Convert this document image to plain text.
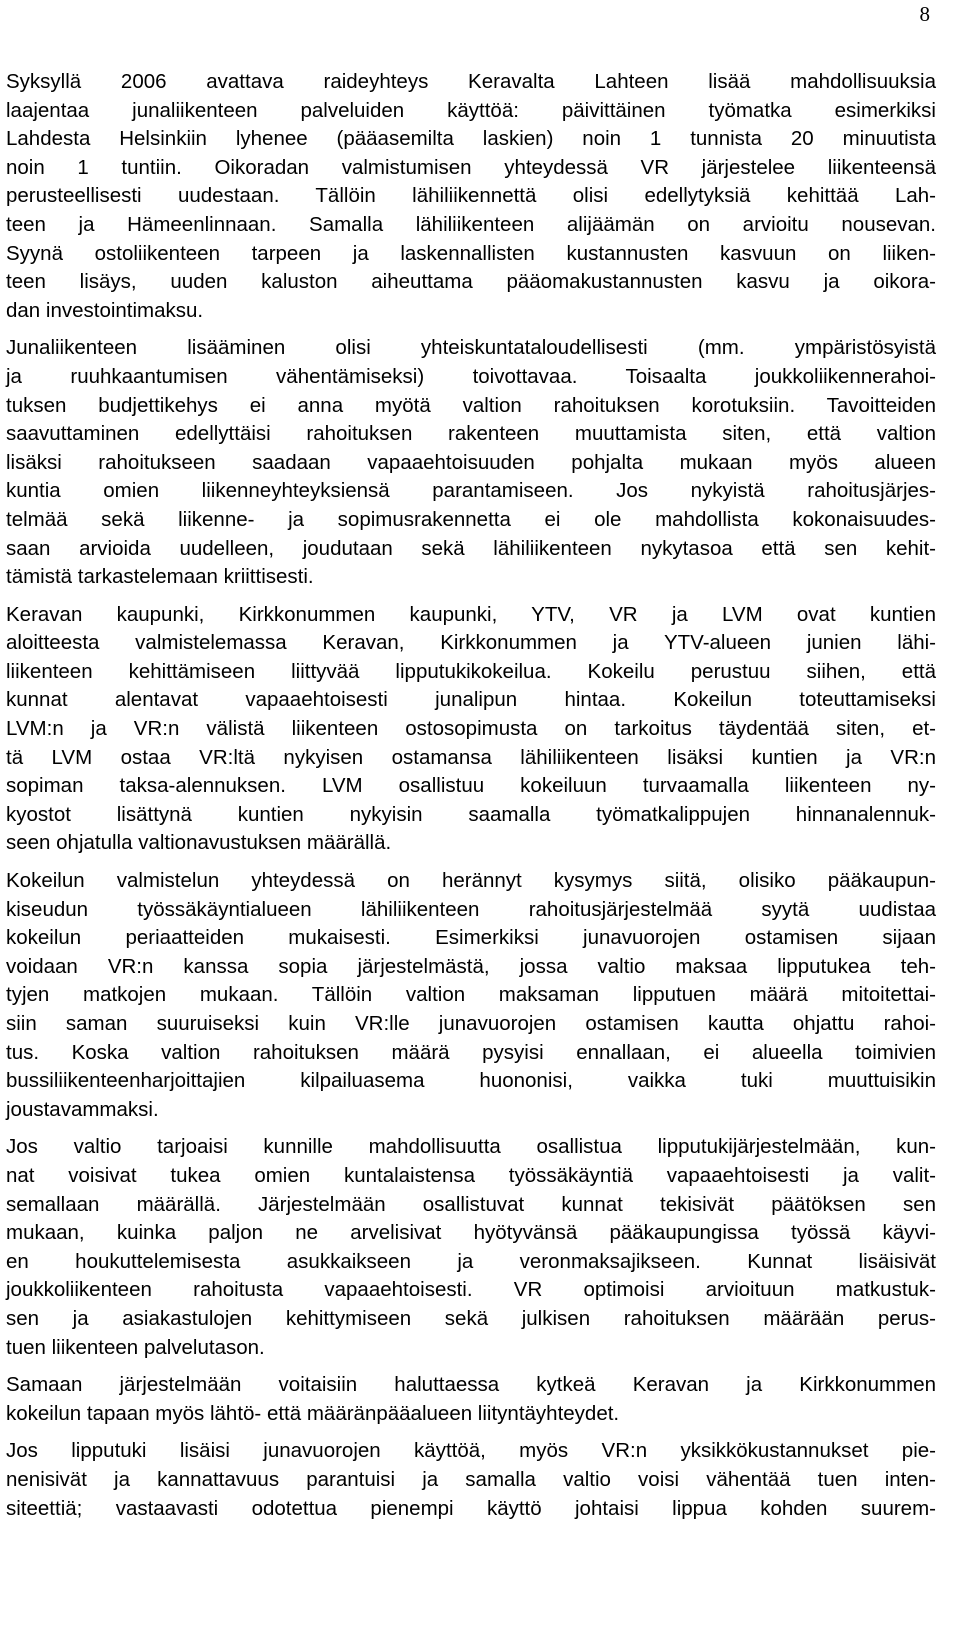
8
Syksyllä 2006 avattava raideyhteys Keravalta Lahteen lisää mahdollisuuksia
laajentaa junaliikenteen palveluiden käyttöä: päivittäinen työmatka esimerkiksi
Lahdesta Helsinkiin lyhenee (pääasemilta laskien) noin 1 tunnista 20 minuutista
noin 1 tuntiin. Oikoradan valmistumisen yhteydessä VR järjestelee liikenteensä
perusteellisesti uudestaan. Tällöin lähiliikennettä olisi edellytyksiä kehittää Lah-
teen ja Hämeenlinnaan. Samalla lähiliikenteen alijäämän on arvioitu nousevan.
Syynä ostoliikenteen tarpeen ja laskennallisten kustannusten kasvuun on liiken-
teen lisäys, uuden kaluston aiheuttama pääomakustannusten kasvu ja oikora-
dan investointimaksu.
Junaliikenteen lisääminen olisi yhteiskuntataloudellisesti (mm. ympäristösyistä
ja ruuhkaantumisen vähentämiseksi) toivottavaa. Toisaalta joukkoliikennerahoi-
tuksen budjettikehys ei anna myötä valtion rahoituksen korotuksiin. Tavoitteiden
saavuttaminen edellyttäisi rahoituksen rakenteen muuttamista siten, että valtion
lisäksi rahoitukseen saadaan vapaaehtoisuuden pohjalta mukaan myös alueen
kuntia omien liikenneyhteyksiensä parantamiseen. Jos nykyistä rahoitusjärjes-
telmää sekä liikenne- ja sopimusrakennetta ei ole mahdollista kokonaisuudes-
saan arvioida uudelleen, joudutaan sekä lähiliikenteen nykytasoa että sen kehit-
tämistä tarkastelemaan kriittisesti.
Keravan kaupunki, Kirkkonummen kaupunki, YTV, VR ja LVM ovat kuntien
aloitteesta valmistelemassa Keravan, Kirkkonummen ja YTV-alueen junien lähi-
liikenteen kehittämiseen liittyvää lipputukikokeilua. Kokeilu perustuu siihen, että
kunnat alentavat vapaaehtoisesti junalipun hintaa. Kokeilun toteuttamiseksi
LVM:n ja VR:n välistä liikenteen ostosopimusta on tarkoitus täydentää siten, et-
tä LVM ostaa VR:ltä nykyisen ostamansa lähiliikenteen lisäksi kuntien ja VR:n
sopiman taksa-alennuksen. LVM osallistuu kokeiluun turvaamalla liikenteen ny-
kyostot lisättynä kuntien nykyisin saamalla työmatkalippujen hinnanalennuk-
seen ohjatulla valtionavustuksen määrällä.
Kokeilun valmistelun yhteydessä on herännyt kysymys siitä, olisiko pääkaupun-
kiseudun työssäkäyntialueen lähiliikenteen rahoitusjärjestelmää syytä uudistaa
kokeilun periaatteiden mukaisesti. Esimerkiksi junavuorojen ostamisen sijaan
voidaan VR:n kanssa sopia järjestelmästä, jossa valtio maksaa lipputukea teh-
tyjen matkojen mukaan. Tällöin valtion maksaman lipputuen määrä mitoitettai-
siin saman suuruiseksi kuin VR:lle junavuorojen ostamisen kautta ohjattu rahoi-
tus. Koska valtion rahoituksen määrä pysyisi ennallaan, ei alueella toimivien
bussiliikenteenharjoittajien kilpailuasema huononisi, vaikka tuki muuttuisikin
joustavammaksi.
Jos valtio tarjoaisi kunnille mahdollisuutta osallistua lipputukijärjestelmään, kun-
nat voisivat tukea omien kuntalaistensa työssäkäyntiä vapaaehtoisesti ja valit-
semallaan määrällä. Järjestelmään osallistuvat kunnat tekisivät päätöksen sen
mukaan, kuinka paljon ne arvelisivat hyötyvänsä pääkaupungissa työssä käyvi-
en houkuttelemisesta asukkaikseen ja veronmaksajikseen. Kunnat lisäisivät
joukkoliikenteen rahoitusta vapaaehtoisesti. VR optimoisi arvioituun matkustuk-
sen ja asiakastulojen kehittymiseen sekä julkisen rahoituksen määrään perus-
tuen liikenteen palvelutason.
Samaan järjestelmään voitaisiin haluttaessa kytkeä Keravan ja Kirkkonummen
kokeilun tapaan myös lähtö- että määränpääalueen liityntäyhteydet.
Jos lipputuki lisäisi junavuorojen käyttöä, myös VR:n yksikkökustannukset pie-
nenisivät ja kannattavuus parantuisi ja samalla valtio voisi vähentää tuen inten-
siteettiä; vastaavasti odotettua pienempi käyttö johtaisi lippua kohden suurem-
